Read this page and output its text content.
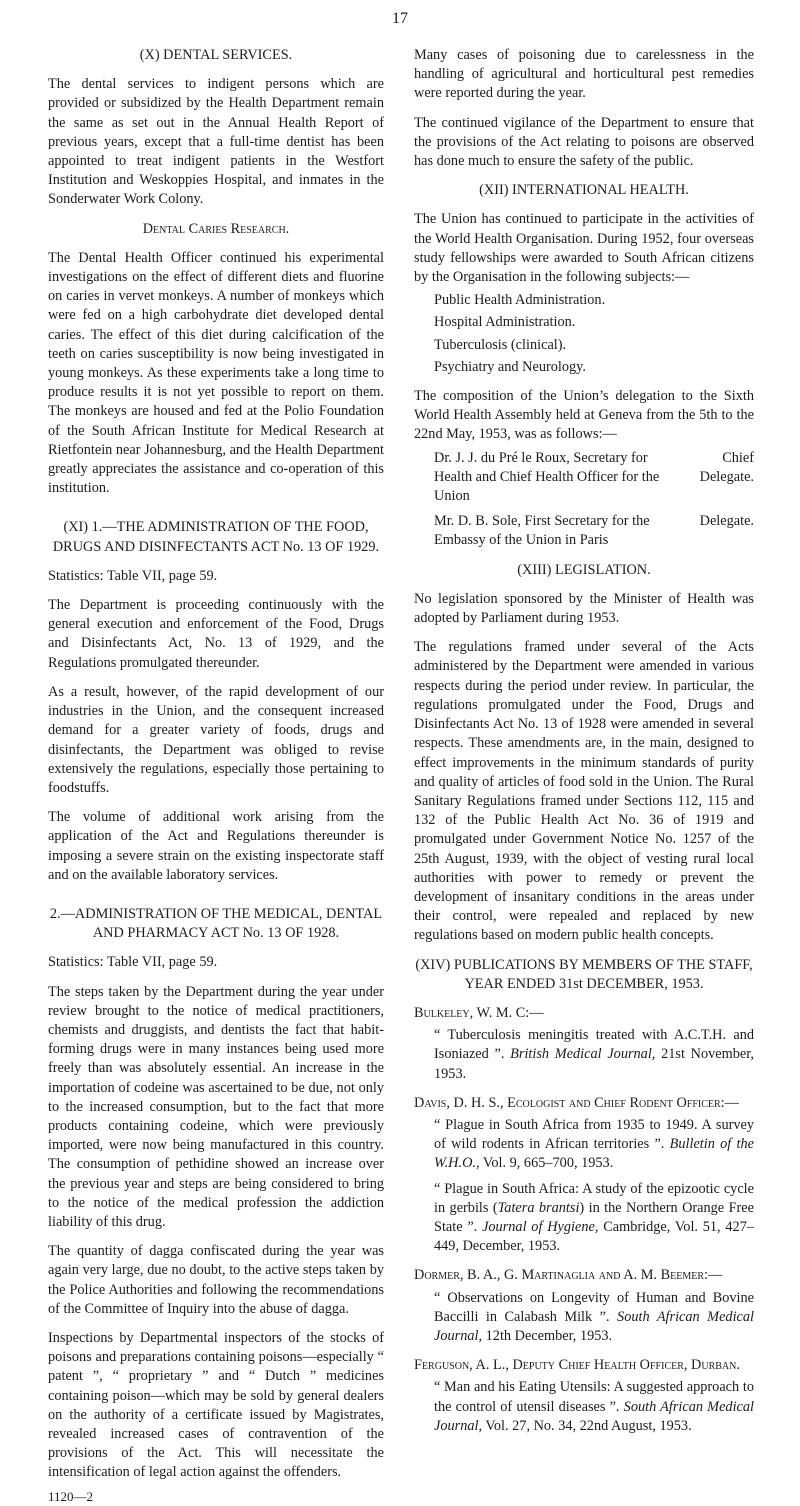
17
(X) DENTAL SERVICES.

The dental services to indigent persons which are provided or subsidized by the Health Department remain the same as set out in the Annual Health Report of previous years, except that a full-time dentist has been appointed to treat indigent patients in the Westfort Institution and Weskoppies Hospital, and inmates in the Sonderwater Work Colony.

Dental Caries Research.

The Dental Health Officer continued his experimental investigations on the effect of different diets and fluorine on caries in vervet monkeys. A number of monkeys which were fed on a high carbohydrate diet developed dental caries. The effect of this diet during calcification of the teeth on caries susceptibility is now being investigated in young monkeys. As these experiments take a long time to produce results it is not yet possible to report on them. The monkeys are housed and fed at the Polio Foundation of the South African Institute for Medical Research at Rietfontein near Johannesburg, and the Health Department greatly appreciates the assistance and co-operation of this institution.

(XI) 1.—THE ADMINISTRATION OF THE FOOD, DRUGS AND DISINFECTANTS ACT No. 13 OF 1929.
Statistics: Table VII, page 59.

The Department is proceeding continuously with the general execution and enforcement of the Food, Drugs and Disinfectants Act, No. 13 of 1929, and the Regulations promulgated thereunder.

As a result, however, of the rapid development of our industries in the Union, and the consequent increased demand for a greater variety of foods, drugs and disinfectants, the Department was obliged to revise extensively the regulations, especially those pertaining to foodstuffs.

The volume of additional work arising from the application of the Act and Regulations thereunder is imposing a severe strain on the existing inspectorate staff and on the available laboratory services.

2.—ADMINISTRATION OF THE MEDICAL, DENTAL AND PHARMACY ACT No. 13 OF 1928.
Statistics: Table VII, page 59.

The steps taken by the Department during the year under review brought to the notice of medical practitioners, chemists and druggists, and dentists the fact that habit-forming drugs were in many instances being used more freely than was absolutely essential. An increase in the importation of codeine was ascertained to be due, not only to the increased consumption, but to the fact that more products containing codeine, which were previously imported, were now being manufactured in this country. The consumption of pethidine showed an increase over the previous year and steps are being considered to bring to the notice of the medical profession the addiction liability of this drug.

The quantity of dagga confiscated during the year was again very large, due no doubt, to the active steps taken by the Police Authorities and following the recommendations of the Committee of Inquiry into the abuse of dagga.

Inspections by Departmental inspectors of the stocks of poisons and preparations containing poisons—especially “ patent ”, “ proprietary ” and “ Dutch ” medicines containing poison—which may be sold by general dealers on the authority of a certificate issued by Magistrates, revealed increased cases of contravention of the provisions of the Act. This will necessitate the intensification of legal action against the offenders.

1120—2

Many cases of poisoning due to carelessness in the handling of agricultural and horticultural pest remedies were reported during the year.

The continued vigilance of the Department to ensure that the provisions of the Act relating to poisons are observed has done much to ensure the safety of the public.

(XII) INTERNATIONAL HEALTH.

The Union has continued to participate in the activities of the World Health Organisation. During 1952, four overseas study fellowships were awarded to South African citizens by the Organisation in the following subjects:—

Public Health Administration.
Hospital Administration.
Tuberculosis (clinical).
Psychiatry and Neurology.

The composition of the Union’s delegation to the Sixth World Health Assembly held at Geneva from the 5th to the 22nd May, 1953, was as follows:—

Dr. J. J. du Pré le Roux, Secretary for Health and Chief Health Officer for the Union	Chief Delegate.
Mr. D. B. Sole, First Secretary for the Embassy of the Union in Paris	Delegate.
(XIII) LEGISLATION.

No legislation sponsored by the Minister of Health was adopted by Parliament during 1953.

The regulations framed under several of the Acts administered by the Department were amended in various respects during the period under review. In particular, the regulations promulgated under the Food, Drugs and Disinfectants Act No. 13 of 1928 were amended in several respects. These amendments are, in the main, designed to effect improvements in the minimum standards of purity and quality of articles of food sold in the Union. The Rural Sanitary Regulations framed under Sections 112, 115 and 132 of the Public Health Act No. 36 of 1919 and promulgated under Government Notice No. 1257 of the 25th August, 1939, with the object of vesting rural local authorities with power to remedy or prevent the development of insanitary conditions in the areas under their control, were repealed and replaced by new regulations based on modern public health concepts.

(XIV) PUBLICATIONS BY MEMBERS OF THE STAFF, YEAR ENDED 31st DECEMBER, 1953.
Bulkeley, W. M. C:—
“ Tuberculosis meningitis treated with A.C.T.H. and Isoniazed ”. British Medical Journal, 21st November, 1953.
Davis, D. H. S., Ecologist and Chief Rodent Officer:—
“ Plague in South Africa from 1935 to 1949. A survey of wild rodents in African territories ”. Bulletin of the W.H.O., Vol. 9, 665–700, 1953.
“ Plague in South Africa: A study of the epizootic cycle in gerbils (Tatera brantsi) in the Northern Orange Free State ”. Journal of Hygiene, Cambridge, Vol. 51, 427–449, December, 1953.
Dormer, B. A., G. Martinaglia and A. M. Beemer:—
“ Observations on Longevity of Human and Bovine Baccilli in Calabash Milk ”. South African Medical Journal, 12th December, 1953.
Ferguson, A. L., Deputy Chief Health Officer, Durban.
“ Man and his Eating Utensils: A suggested approach to the control of utensil diseases ”. South African Medical Journal, Vol. 27, No. 34, 22nd August, 1953.
